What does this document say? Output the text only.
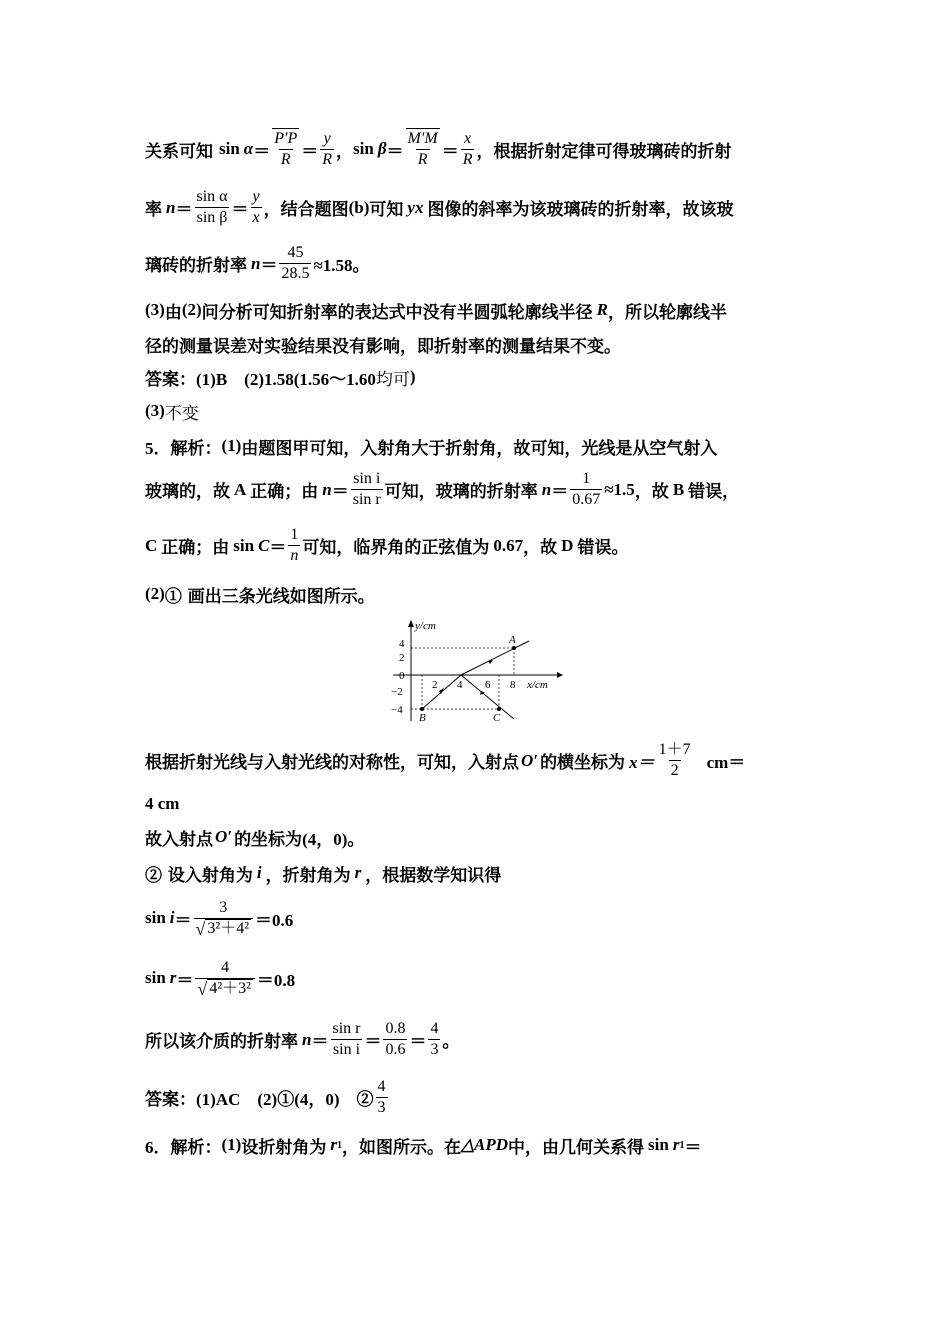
关系可知 $\sin \alpha = \frac{P'P}{R} = \frac{y}{R}$ ， $\sin \beta = \frac{M'M}{R} = \frac{x}{R}$ ，根据折射定律可得玻璃砖的折射
率 $n = \frac{\text{sin α}}{\text{sin β}} = \frac{y}{x}$ ，结合题图 (b) 可知 yx 图像的斜率为该玻璃砖的折射率，故该玻
璃砖的折射率 $n = \frac{45}{28.5} \approx 1.58$。
(3) 由 (2) 问分析可知折射率的表达式中没有半圆弧轮廓线半径 R ，所以轮廓线半
径的测量误差对实验结果没有影响，即折射率的测量结果不变。
答案： (1)B　(2)1.58(1.56～1.60 均可 )
(3) 不变
5． 解析： (1) 由题图甲可知，入射角大于折射角，故可知，光线是从空气射入
玻璃的，故 A 正确；由 $n = \frac{\text{sin i}}{\text{sin r}}$ 可知，玻璃的折射率 $n = \frac{1}{0.67} \approx 1.5$ ，故 B 错误，
C 正确；由 $\sin C = \frac{1}{n}$ 可知，临界角的正弦值为 0.67 ，故 D 错误。
(2) ① 画出三条光线如图所示。
y/cm
x/cm
4
2
0
−2
−4
2 4 6 8
A
B	C
根据折射光线与入射光线的对称性，可知，入射点 O′ 的横坐标为 $x= \frac{1+7}{2} cm=$
4 cm
故入射点 O′ 的坐标为 (4，0)。
② 设入射角为 i ，折射角为 r ，根据数学知识得
$\sin i = \frac{3}{\text{√ 3²＋4²}} =0.6$
$\sin r = \frac{4}{\text{√ 4²＋3²}} =0.8$
所以该介质的折射率 $n = \frac{\text{sin r}}{\text{sin i}} = \frac{0.8}{0.6} = \frac{4}{3}$ 。
答案： (1)AC　(2)①(4，0)　② $\frac{4}{3}$
6． 解析： (1) 设折射角为 r 1 ，如图所示。在 △APD 中，由几何关系得 sin r 1 ＝
